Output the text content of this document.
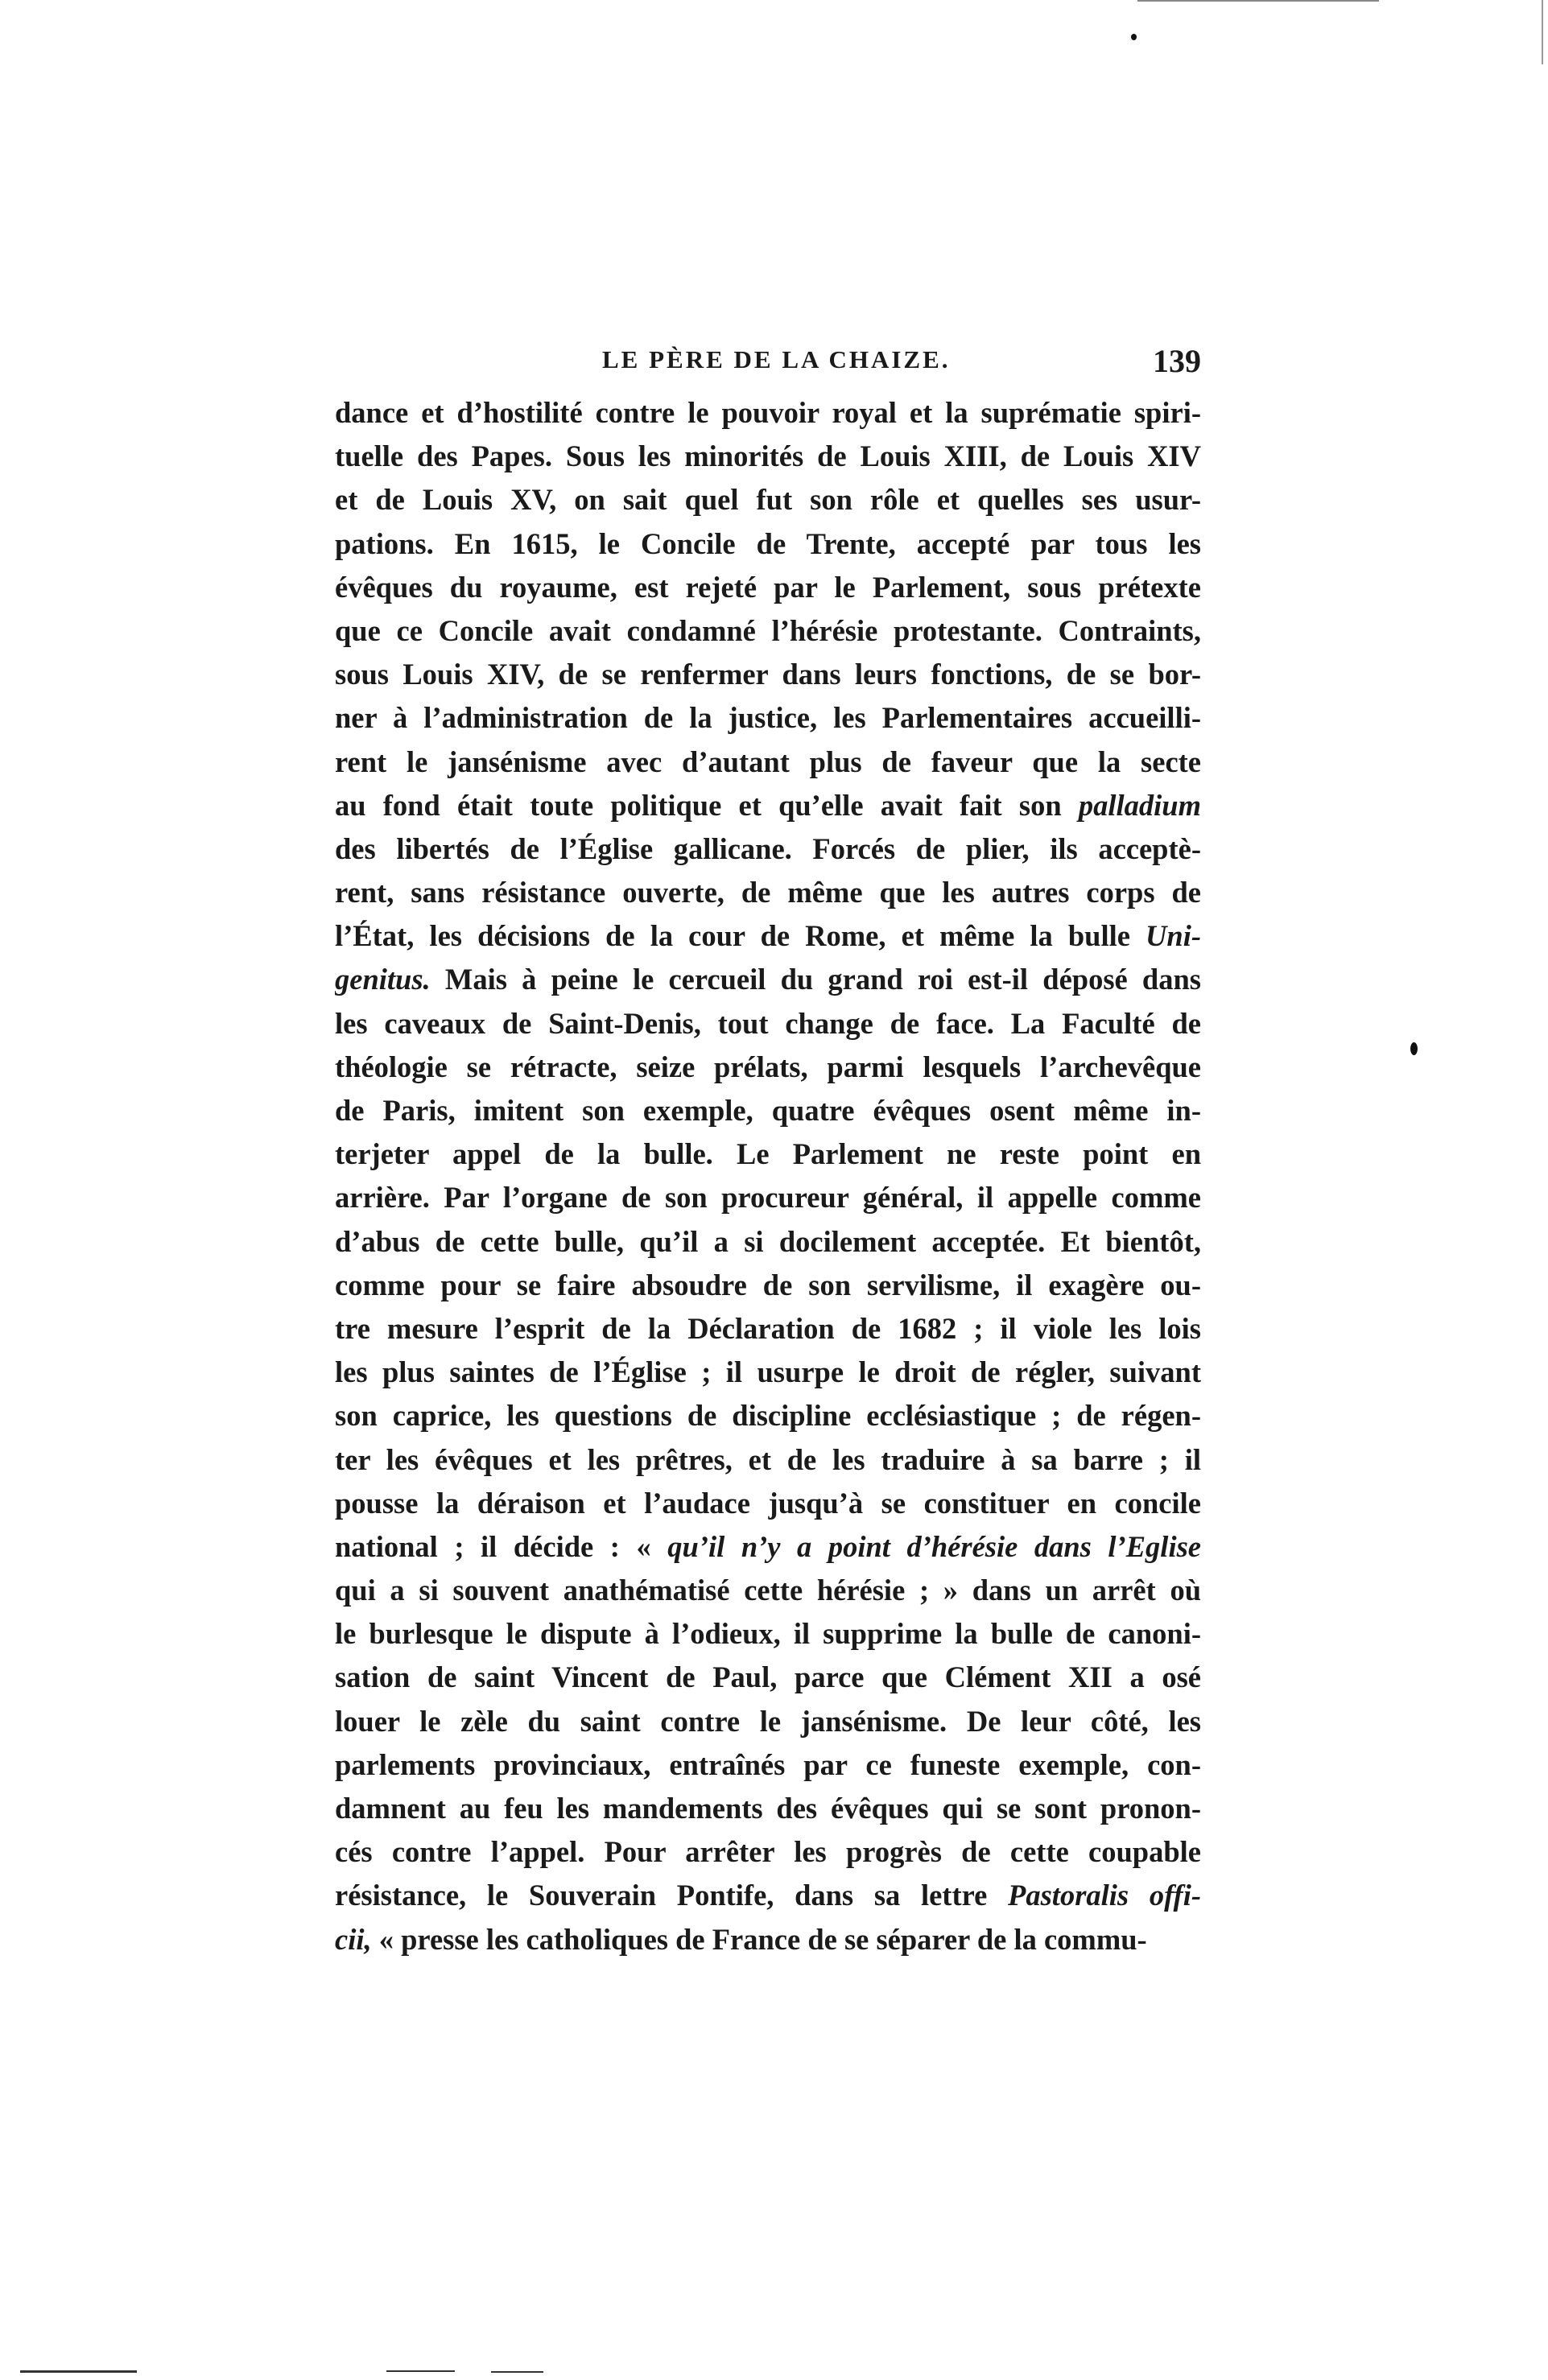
LE PÈRE DE LA CHAIZE.	139
dance et d’hostilité contre le pouvoir royal et la suprématie spiri-
tuelle des Papes. Sous les minorités de Louis XIII, de Louis XIV
et de Louis XV, on sait quel fut son rôle et quelles ses usur-
pations. En 1615, le Concile de Trente, accepté par tous les
évêques du royaume, est rejeté par le Parlement, sous prétexte
que ce Concile avait condamné l’hérésie protestante. Contraints,
sous Louis XIV, de se renfermer dans leurs fonctions, de se bor-
ner à l’administration de la justice, les Parlementaires accueilli-
rent le jansénisme avec d’autant plus de faveur que la secte
au fond était toute politique et qu’elle avait fait son palladium
des libertés de l’Église gallicane. Forcés de plier, ils acceptè-
rent, sans résistance ouverte, de même que les autres corps de
l’État, les décisions de la cour de Rome, et même la bulle Uni-
genitus. Mais à peine le cercueil du grand roi est-il déposé dans
les caveaux de Saint-Denis, tout change de face. La Faculté de
théologie se rétracte, seize prélats, parmi lesquels l’archevêque
de Paris, imitent son exemple, quatre évêques osent même in-
terjeter appel de la bulle. Le Parlement ne reste point en
arrière. Par l’organe de son procureur général, il appelle comme
d’abus de cette bulle, qu’il a si docilement acceptée. Et bientôt,
comme pour se faire absoudre de son servilisme, il exagère ou-
tre mesure l’esprit de la Déclaration de 1682 ; il viole les lois
les plus saintes de l’Église ; il usurpe le droit de régler, suivant
son caprice, les questions de discipline ecclésiastique ; de régen-
ter les évêques et les prêtres, et de les traduire à sa barre ; il
pousse la déraison et l’audace jusqu’à se constituer en concile
national ; il décide : « qu’il n’y a point d’hérésie dans l’Eglise
qui a si souvent anathématisé cette hérésie ; » dans un arrêt où
le burlesque le dispute à l’odieux, il supprime la bulle de canoni-
sation de saint Vincent de Paul, parce que Clément XII a osé
louer le zèle du saint contre le jansénisme. De leur côté, les
parlements provinciaux, entraînés par ce funeste exemple, con-
damnent au feu les mandements des évêques qui se sont pronon-
cés contre l’appel. Pour arrêter les progrès de cette coupable
résistance, le Souverain Pontife, dans sa lettre Pastoralis offi-
cii, « presse les catholiques de France de se séparer de la commu-
